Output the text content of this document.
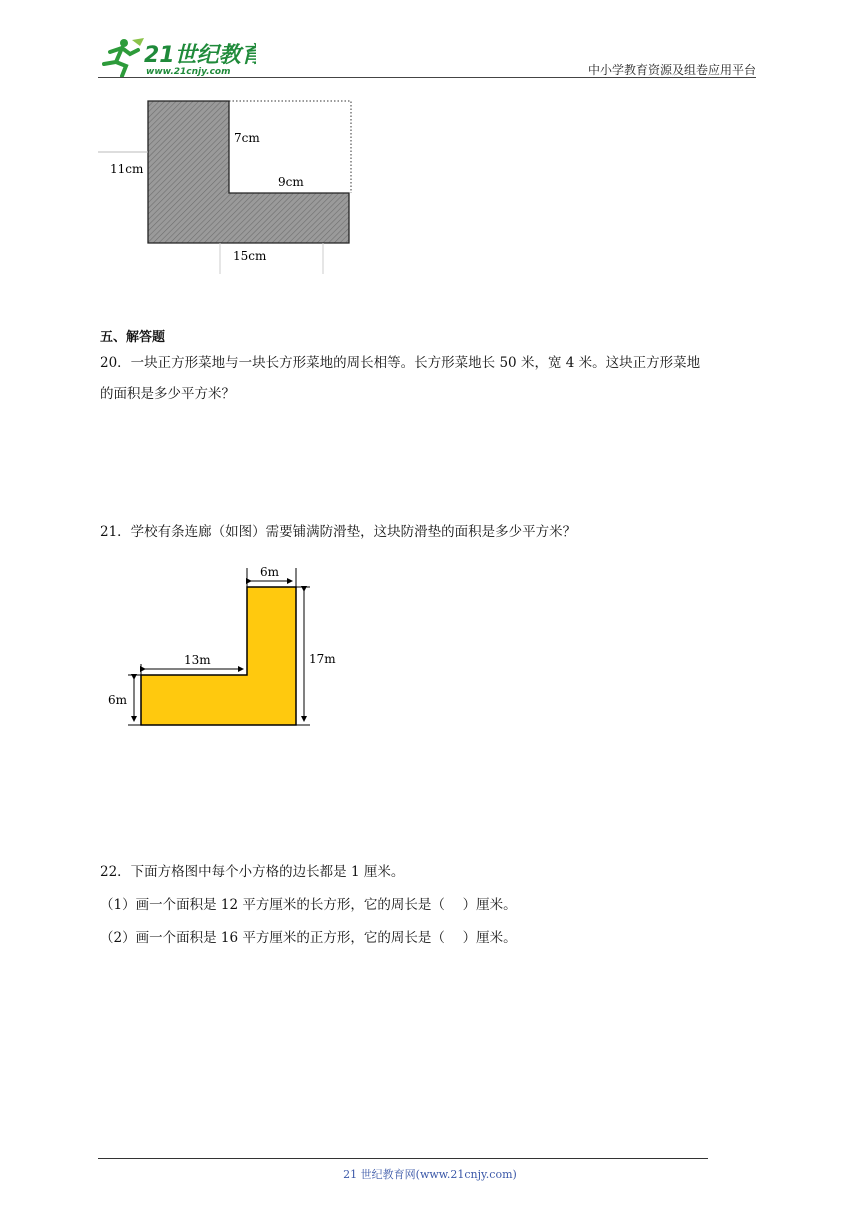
21世纪教育
www.21cnjy.com	中小学教育资源及组卷应用平台
11cm
7cm
9cm
15cm
五、解答题
20．一块正方形菜地与一块长方形菜地的周长相等。长方形菜地长 50 米，宽 4 米。这块正方形菜地
的面积是多少平方米？
21．学校有条连廊（如图）需要铺满防滑垫，这块防滑垫的面积是多少平方米？
6m
17m
13m
6m
22．下面方格图中每个小方格的边长都是 1 厘米。
（1）画一个面积是 12 平方厘米的长方形，它的周长是（　 ）厘米。
（2）画一个面积是 16 平方厘米的正方形，它的周长是（　 ）厘米。
21 世纪教育网(www.21cnjy.com)
